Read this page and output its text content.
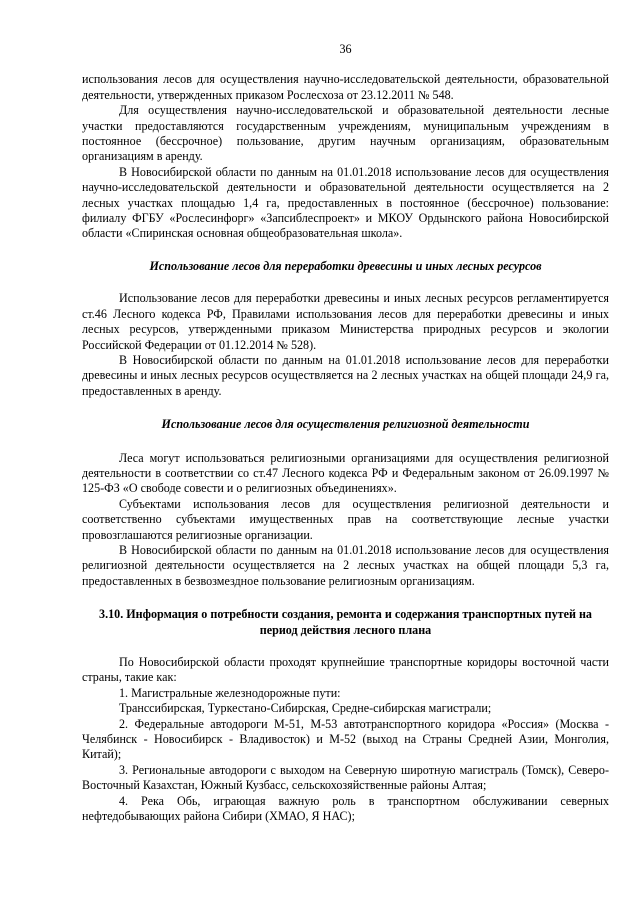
36

использования лесов для осуществления научно-исследовательской деятельности, образовательной деятельности, утвержденных приказом Рослесхоза от 23.12.2011 № 548.

Для осуществления научно-исследовательской и образовательной деятельности лесные участки предоставляются государственным учреждениям, муниципальным учреждениям в постоянное (бессрочное) пользование, другим научным организациям, образовательным организациям в аренду.

В Новосибирской области по данным на 01.01.2018 использование лесов для осуществления научно-исследовательской деятельности и образовательной деятельности осуществляется на 2 лесных участках площадью 1,4 га, предоставленных в постоянное (бессрочное) пользование: филиалу ФГБУ «Рослесинфорг» «Запсиблеспроект» и МКОУ Ордынского района Новосибирской области «Спиринская основная общеобразовательная школа».

Использование лесов для переработки древесины и иных лесных ресурсов

Использование лесов для переработки древесины и иных лесных ресурсов регламентируется ст.46 Лесного кодекса РФ, Правилами использования лесов для переработки древесины и иных лесных ресурсов, утвержденными приказом Министерства природных ресурсов и экологии Российской Федерации от 01.12.2014 № 528).

В Новосибирской области по данным на 01.01.2018 использование лесов для переработки древесины и иных лесных ресурсов осуществляется на 2 лесных участках на общей площади 24,9 га, предоставленных в аренду.

Использование лесов для осуществления религиозной деятельности

Леса могут использоваться религиозными организациями для осуществления религиозной деятельности в соответствии со ст.47 Лесного кодекса РФ и Федеральным законом от 26.09.1997 № 125-ФЗ «О свободе совести и о религиозных объединениях».

Субъектами использования лесов для осуществления религиозной деятельности и соответственно субъектами имущественных прав на соответствующие лесные участки провозглашаются религиозные организации.

В Новосибирской области по данным на 01.01.2018 использование лесов для осуществления религиозной деятельности осуществляется на 2 лесных участках на общей площади 5,3 га, предоставленных в безвозмездное пользование религиозным организациям.

3.10. Информация о потребности создания, ремонта и содержания транспортных путей на период действия лесного плана

По Новосибирской области проходят крупнейшие транспортные коридоры восточной части страны, такие как:

1. Магистральные железнодорожные пути:

Транссибирская, Туркестано-Сибирская, Средне-сибирская магистрали;

2. Федеральные автодороги М-51, М-53 автотранспортного коридора «Россия» (Москва - Челябинск - Новосибирск - Владивосток) и М-52 (выход на Страны Средней Азии, Монголия, Китай);

3. Региональные автодороги с выходом на Северную широтную магистраль (Томск), Северо-Восточный Казахстан, Южный Кузбасс, сельскохозяйственные районы Алтая;

4. Река Обь, играющая важную роль в транспортном обслуживании северных нефтедобывающих района Сибири (ХМАО, Я НАС);
